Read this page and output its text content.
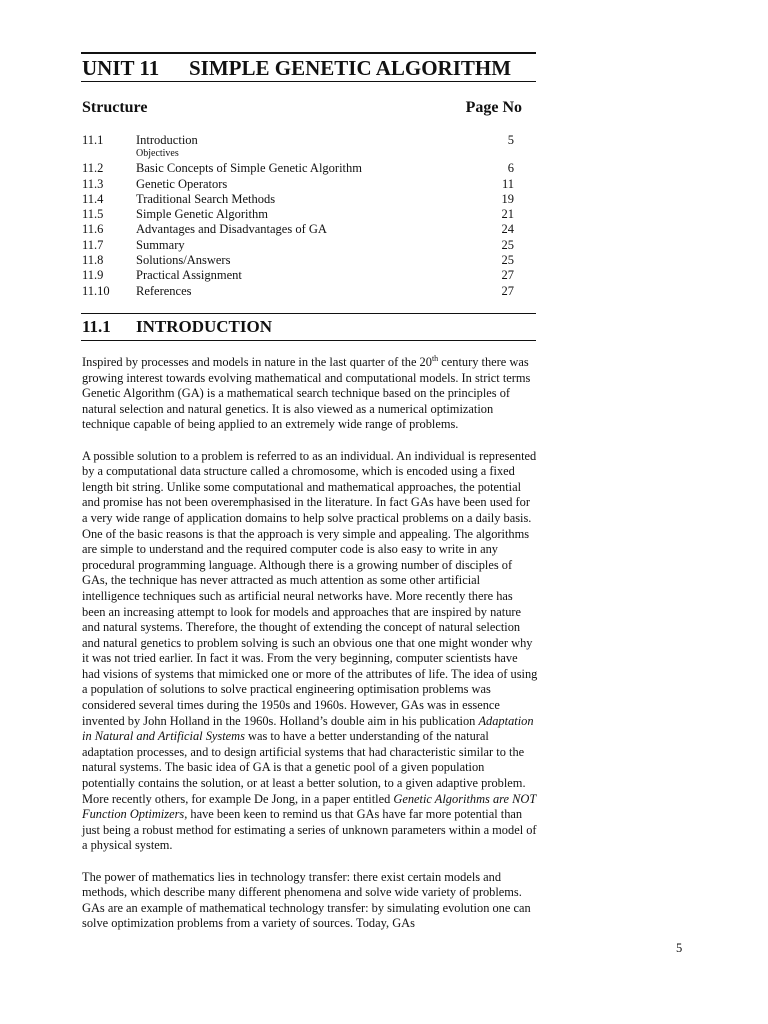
UNIT 11 SIMPLE GENETIC ALGORITHM
Structure	Page No
11.1	Introduction	5
Objectives
11.2	Basic Concepts of Simple Genetic Algorithm	6
11.3	Genetic Operators	11
11.4	Traditional Search Methods	19
11.5	Simple Genetic Algorithm	21
11.6	Advantages and Disadvantages of GA	24
11.7	Summary	25
11.8	Solutions/Answers	25
11.9	Practical Assignment	27
11.10 References	27
11.1 INTRODUCTION

Inspired by processes and models in nature in the last quarter of the 20th century there was growing interest towards evolving mathematical and computational models. In strict terms Genetic Algorithm (GA) is a mathematical search technique based on the principles of natural selection and natural genetics. It is also viewed as a numerical optimization technique capable of being applied to an extremely wide range of problems.

A possible solution to a problem is referred to as an individual. An individual is represented by a computational data structure called a chromosome, which is encoded using a fixed length bit string. Unlike some computational and mathematical approaches, the potential and promise has not been overemphasised in the literature. In fact GAs have been used for a very wide range of application domains to help solve practical problems on a daily basis. One of the basic reasons is that the approach is very simple and appealing. The algorithms are simple to understand and the required computer code is also easy to write in any procedural programming language. Although there is a growing number of disciples of GAs, the technique has never attracted as much attention as some other artificial intelligence techniques such as artificial neural networks have. More recently there has been an increasing attempt to look for models and approaches that are inspired by nature and natural systems. Therefore, the thought of extending the concept of natural selection and natural genetics to problem solving is such an obvious one that one might wonder why it was not tried earlier. In fact it was. From the very beginning, computer scientists have had visions of systems that mimicked one or more of the attributes of life. The idea of using a population of solutions to solve practical engineering optimisation problems was considered several times during the 1950s and 1960s. However, GAs was in essence invented by John Holland in the 1960s. Holland’s double aim in his publication Adaptation in Natural and Artificial Systems was to have a better understanding of the natural adaptation processes, and to design artificial systems that had characteristic similar to the natural systems. The basic idea of GA is that a genetic pool of a given population potentially contains the solution, or at least a better solution, to a given adaptive problem. More recently others, for example De Jong, in a paper entitled Genetic Algorithms are NOT Function Optimizers, have been keen to remind us that GAs have far more potential than just being a robust method for estimating a series of unknown parameters within a model of a physical system.

The power of mathematics lies in technology transfer: there exist certain models and methods, which describe many different phenomena and solve wide variety of problems. GAs are an example of mathematical technology transfer: by simulating evolution one can solve optimization problems from a variety of sources. Today, GAs

5
